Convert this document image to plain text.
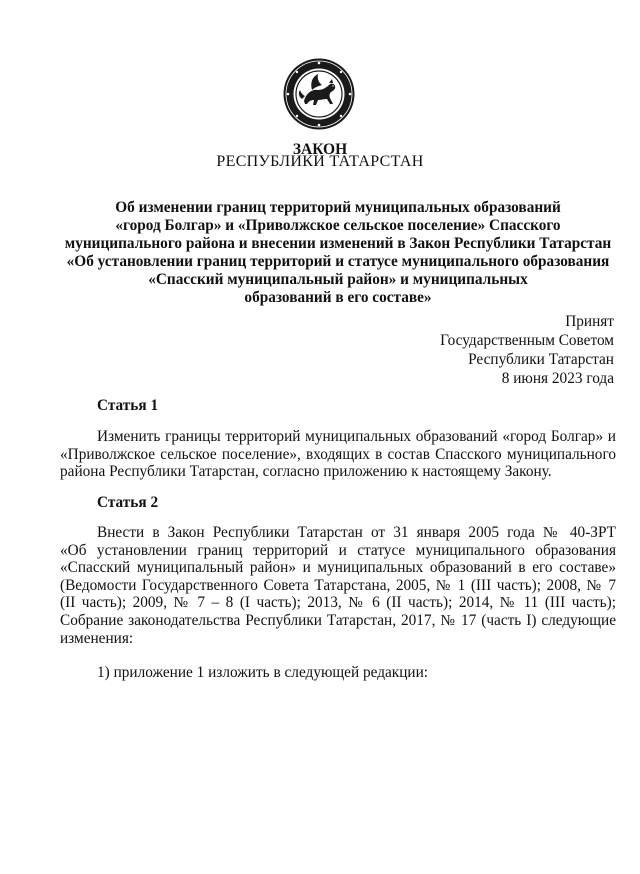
ЗАКОН
РЕСПУБЛИКИ ТАТАРСТАН
Об изменении границ территорий муниципальных образований
«город Болгар» и «Приволжское сельское поселение» Спасского
муниципального района и внесении изменений в Закон Республики Татарстан
«Об установлении границ территорий и статусе муниципального образования
«Спасский муниципальный район» и муниципальных
образований в его составе»
Принят
Государственным Советом
Республики Татарстан
8 июня 2023 года
Статья 1
Изменить границы территорий муниципальных образований «город Болгар» и
«Приволжское сельское поселение», входящих в состав Спасского муниципального
района Республики Татарстан, согласно приложению к настоящему Закону.
Статья 2
Внести в Закон Республики Татарстан от 31 января 2005 года № 40-ЗРТ
«Об установлении границ территорий и статусе муниципального образования
«Спасский муниципальный район» и муниципальных образований в его составе»
(Ведомости Государственного Совета Татарстана, 2005, № 1 (III часть); 2008, № 7
(II часть); 2009, № 7 – 8 (I часть); 2013, № 6 (II часть); 2014, № 11 (III часть);
Собрание законодательства Республики Татарстан, 2017, № 17 (часть I) следующие
изменения:
1) приложение 1 изложить в следующей редакции:
